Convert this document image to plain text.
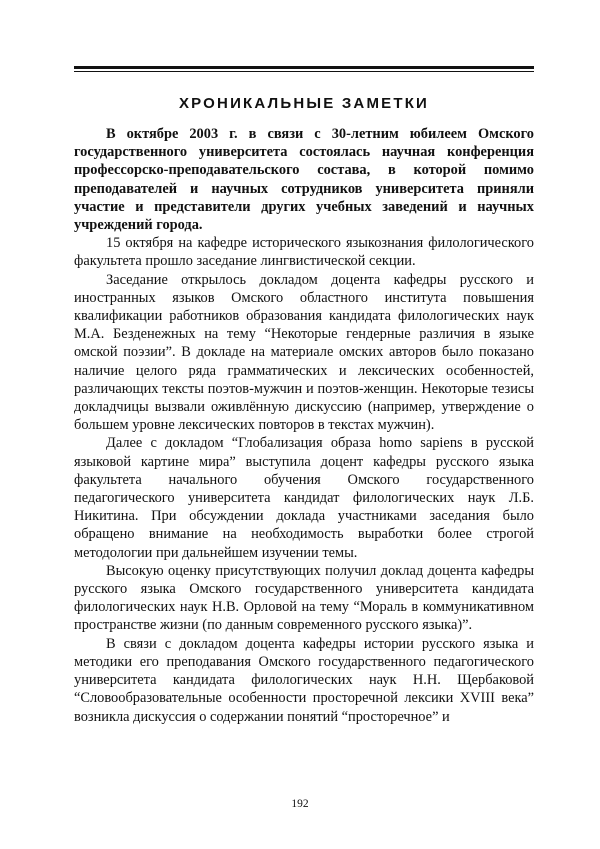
ХРОНИКАЛЬНЫЕ ЗАМЕТКИ

В октябре 2003 г. в связи с 30-летним юбилеем Омского государственного университета состоялась научная конференция профессорско-преподавательского состава, в которой помимо преподавателей и научных сотрудников университета приняли участие и представители других учебных заведений и научных учреждений города.

15 октября на кафедре исторического языкознания филологического факультета прошло заседание лингвистической секции.

Заседание открылось докладом доцента кафедры русского и иностранных языков Омского областного института повышения квалификации работников образования кандидата филологических наук М.А. Безденежных на тему “Некоторые гендерные различия в языке омской поэзии”. В докладе на материале омских авторов было показано наличие целого ряда грамматических и лексических особенностей, различающих тексты поэтов-мужчин и поэтов-женщин. Некоторые тезисы докладчицы вызвали оживлённую дискуссию (например, утверждение о большем уровне лексических повторов в текстах мужчин).

Далее с докладом “Глобализация образа homo sapiens в русской языковой картине мира” выступила доцент кафедры русского языка факультета начального обучения Омского государственного педагогического университета кандидат филологических наук Л.Б. Никитина. При обсуждении доклада участниками заседания было обращено внимание на необходимость выработки более строгой методологии при дальнейшем изучении темы.

Высокую оценку присутствующих получил доклад доцента кафедры русского языка Омского государственного университета кандидата филологических наук Н.В. Орловой на тему “Мораль в коммуникативном пространстве жизни (по данным современного русского языка)”.

В связи с докладом доцента кафедры истории русского языка и методики его преподавания Омского государственного педагогического университета кандидата филологических наук Н.Н. Щербаковой “Словообразовательные особенности просторечной лексики XVIII века” возникла дискуссия о содержании понятий “просторечное” и

192
